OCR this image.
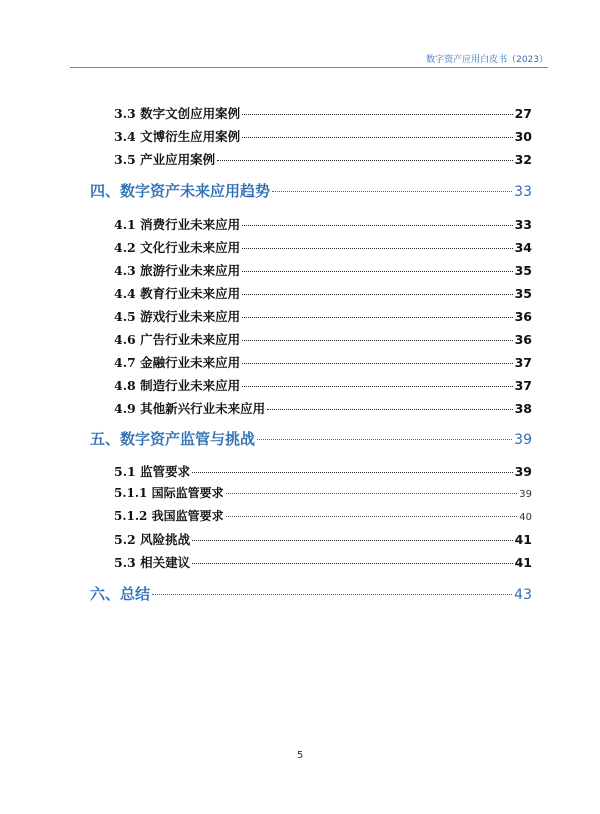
数字资产应用白皮书（2023）
3.3 数字文创应用案例	27
3.4 文博衍生应用案例	30
3.5 产业应用案例	32
四、数字资产未来应用趋势	33
4.1 消费行业未来应用	33
4.2 文化行业未来应用	34
4.3 旅游行业未来应用	35
4.4 教育行业未来应用	35
4.5 游戏行业未来应用	36
4.6 广告行业未来应用	36
4.7 金融行业未来应用	37
4.8 制造行业未来应用	37
4.9 其他新兴行业未来应用	38
五、数字资产监管与挑战	39
5.1 监管要求	39
5.1.1 国际监管要求	39
5.1.2 我国监管要求	40
5.2 风险挑战	41
5.3 相关建议	41
六、总结	43
5
